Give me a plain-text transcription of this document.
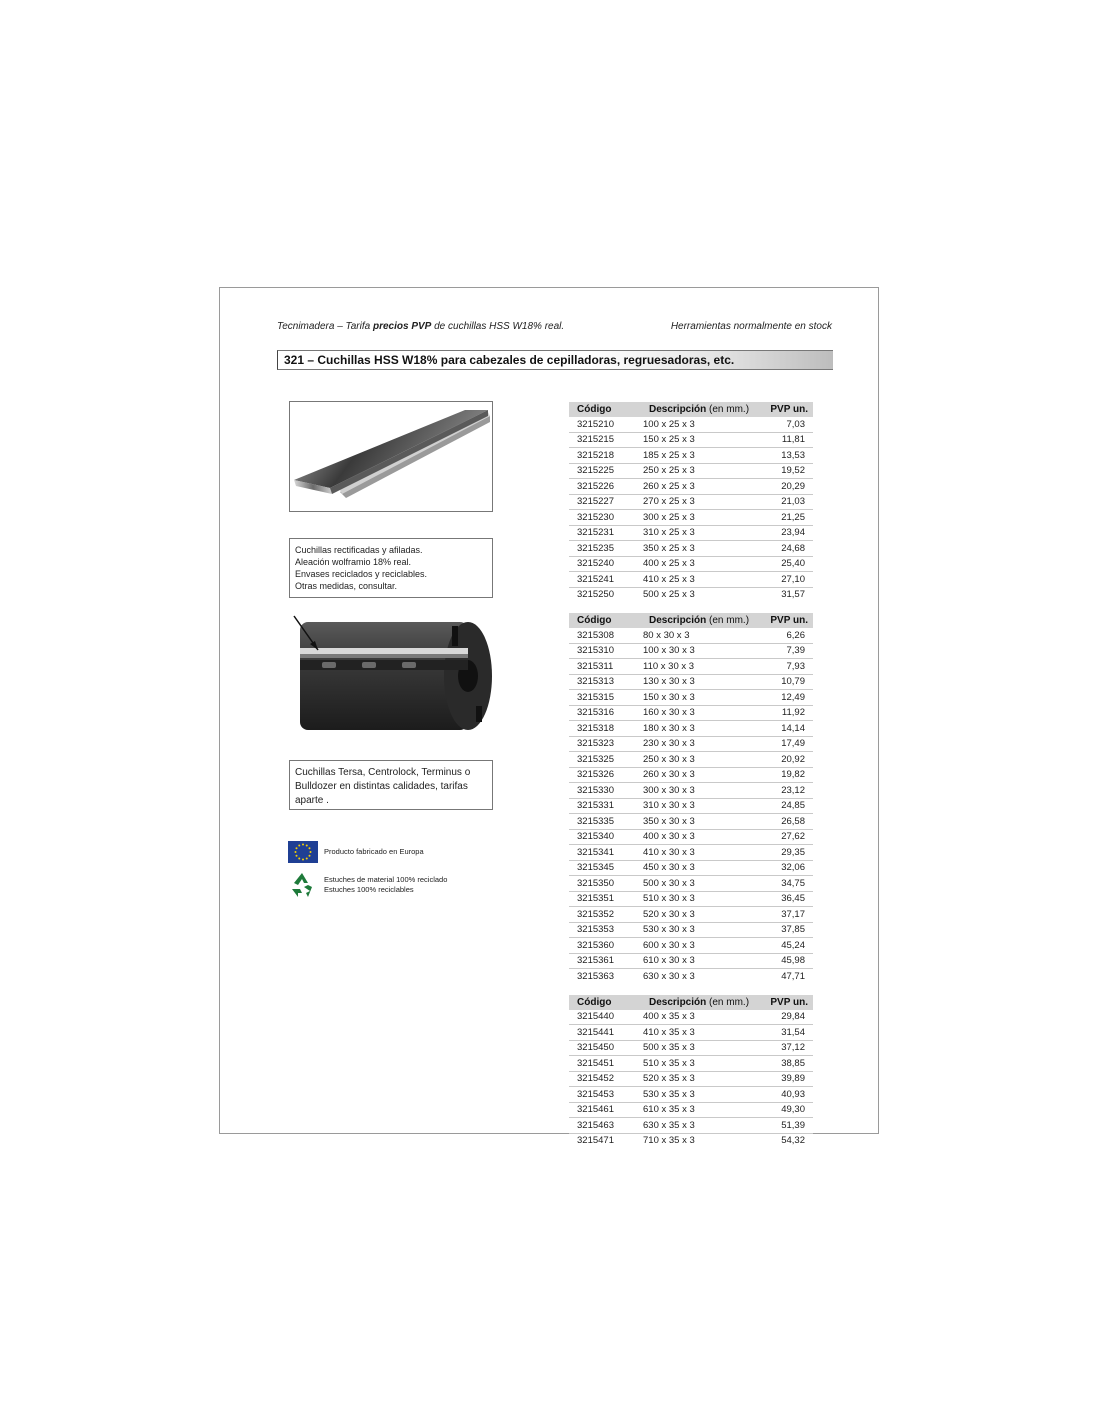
Tecnimadera – Tarifa precios PVP de cuchillas HSS W18% real.	Herramientas normalmente en stock
321 – Cuchillas HSS W18% para cabezales de cepilladoras, regruesadoras, etc.
Cuchillas rectificadas y afiladas.
Aleación wolframio 18% real.
Envases reciclados y reciclables.
Otras medidas, consultar.
Cuchillas Tersa, Centrolock, Terminus o Bulldozer en distintas calidades, tarifas aparte .
Producto fabricado en Europa
Estuches de material 100% reciclado
Estuches 100% reciclables
Código	Descripción (en mm.)	PVP un.
3215210	100 x 25 x 3	7,03
3215215	150 x 25 x 3	11,81
3215218	185 x 25 x 3	13,53
3215225	250 x 25 x 3	19,52
3215226	260 x 25 x 3	20,29
3215227	270 x 25 x 3	21,03
3215230	300 x 25 x 3	21,25
3215231	310 x 25 x 3	23,94
3215235	350 x 25 x 3	24,68
3215240	400 x 25 x 3	25,40
3215241	410 x 25 x 3	27,10
3215250	500 x 25 x 3	31,57
Código	Descripción (en mm.)	PVP un.
3215308	80 x 30 x 3	6,26
3215310	100 x 30 x 3	7,39
3215311	110 x 30 x 3	7,93
3215313	130 x 30 x 3	10,79
3215315	150 x 30 x 3	12,49
3215316	160 x 30 x 3	11,92
3215318	180 x 30 x 3	14,14
3215323	230 x 30 x 3	17,49
3215325	250 x 30 x 3	20,92
3215326	260 x 30 x 3	19,82
3215330	300 x 30 x 3	23,12
3215331	310 x 30 x 3	24,85
3215335	350 x 30 x 3	26,58
3215340	400 x 30 x 3	27,62
3215341	410 x 30 x 3	29,35
3215345	450 x 30 x 3	32,06
3215350	500 x 30 x 3	34,75
3215351	510 x 30 x 3	36,45
3215352	520 x 30 x 3	37,17
3215353	530 x 30 x 3	37,85
3215360	600 x 30 x 3	45,24
3215361	610 x 30 x 3	45,98
3215363	630 x 30 x 3	47,71
Código	Descripción (en mm.)	PVP un.
3215440	400 x 35 x 3	29,84
3215441	410 x 35 x 3	31,54
3215450	500 x 35 x 3	37,12
3215451	510 x 35 x 3	38,85
3215452	520 x 35 x 3	39,89
3215453	530 x 35 x 3	40,93
3215461	610 x 35 x 3	49,30
3215463	630 x 35 x 3	51,39
3215471	710 x 35 x 3	54,32
